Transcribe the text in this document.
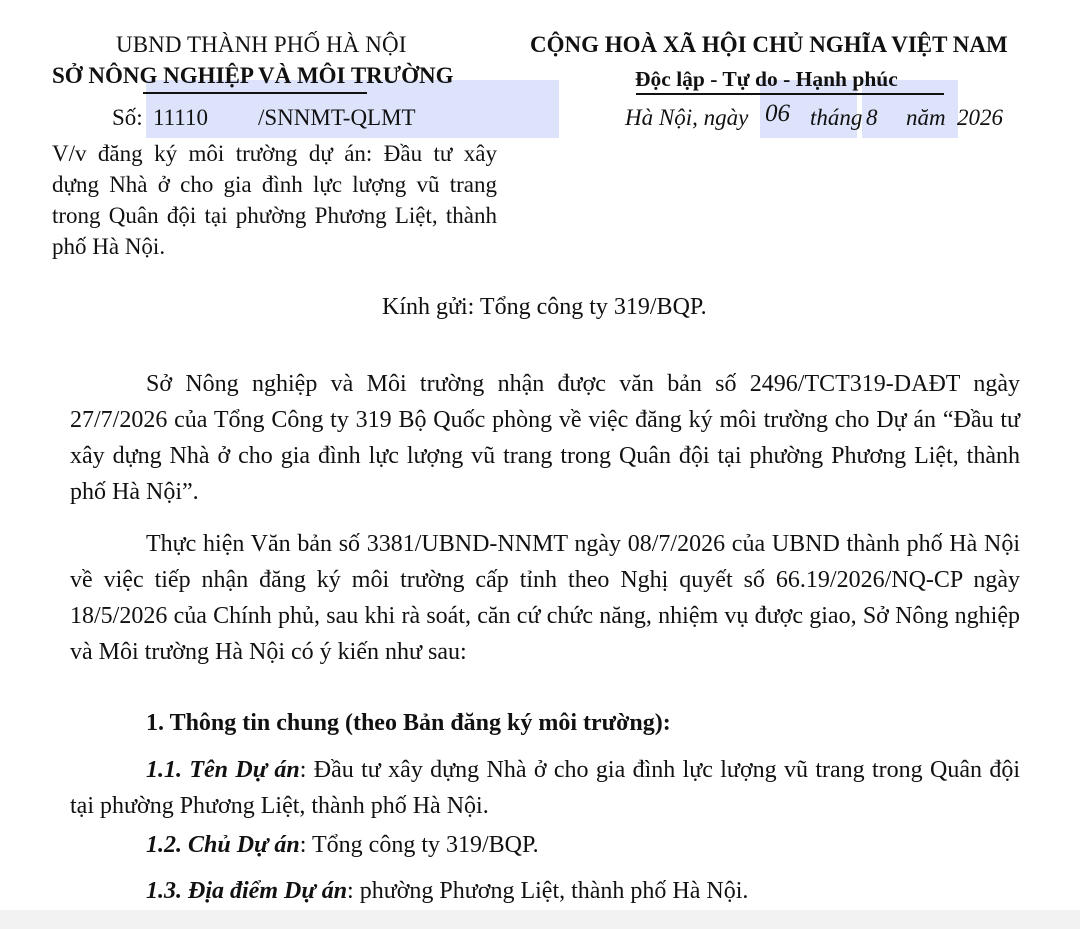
UBND THÀNH PHỐ HÀ NỘI
SỞ NÔNG NGHIỆP VÀ MÔI TRƯỜNG
Số: 11110 /SNNMT-QLMT
V/v đăng ký môi trường dự án: Đầu tư xây dựng Nhà ở cho gia đình lực lượng vũ trang trong Quân đội tại phường Phương Liệt, thành phố Hà Nội.
CỘNG HOÀ XÃ HỘI CHỦ NGHĨA VIỆT NAM
Độc lập - Tự do - Hạnh phúc
Hà Nội, ngày 06 tháng 8 năm 2026
Kính gửi: Tổng công ty 319/BQP.
Sở Nông nghiệp và Môi trường nhận được văn bản số 2496/TCT319-DAĐT ngày 27/7/2026 của Tổng Công ty 319 Bộ Quốc phòng về việc đăng ký môi trường cho Dự án “Đầu tư xây dựng Nhà ở cho gia đình lực lượng vũ trang trong Quân đội tại phường Phương Liệt, thành phố Hà Nội”.
Thực hiện Văn bản số 3381/UBND-NNMT ngày 08/7/2026 của UBND thành phố Hà Nội về việc tiếp nhận đăng ký môi trường cấp tỉnh theo Nghị quyết số 66.19/2026/NQ-CP ngày 18/5/2026 của Chính phủ, sau khi rà soát, căn cứ chức năng, nhiệm vụ được giao, Sở Nông nghiệp và Môi trường Hà Nội có ý kiến như sau:
1. Thông tin chung (theo Bản đăng ký môi trường):
1.1. Tên Dự án: Đầu tư xây dựng Nhà ở cho gia đình lực lượng vũ trang trong Quân đội tại phường Phương Liệt, thành phố Hà Nội.
1.2. Chủ Dự án: Tổng công ty 319/BQP.
1.3. Địa điểm Dự án: phường Phương Liệt, thành phố Hà Nội.
